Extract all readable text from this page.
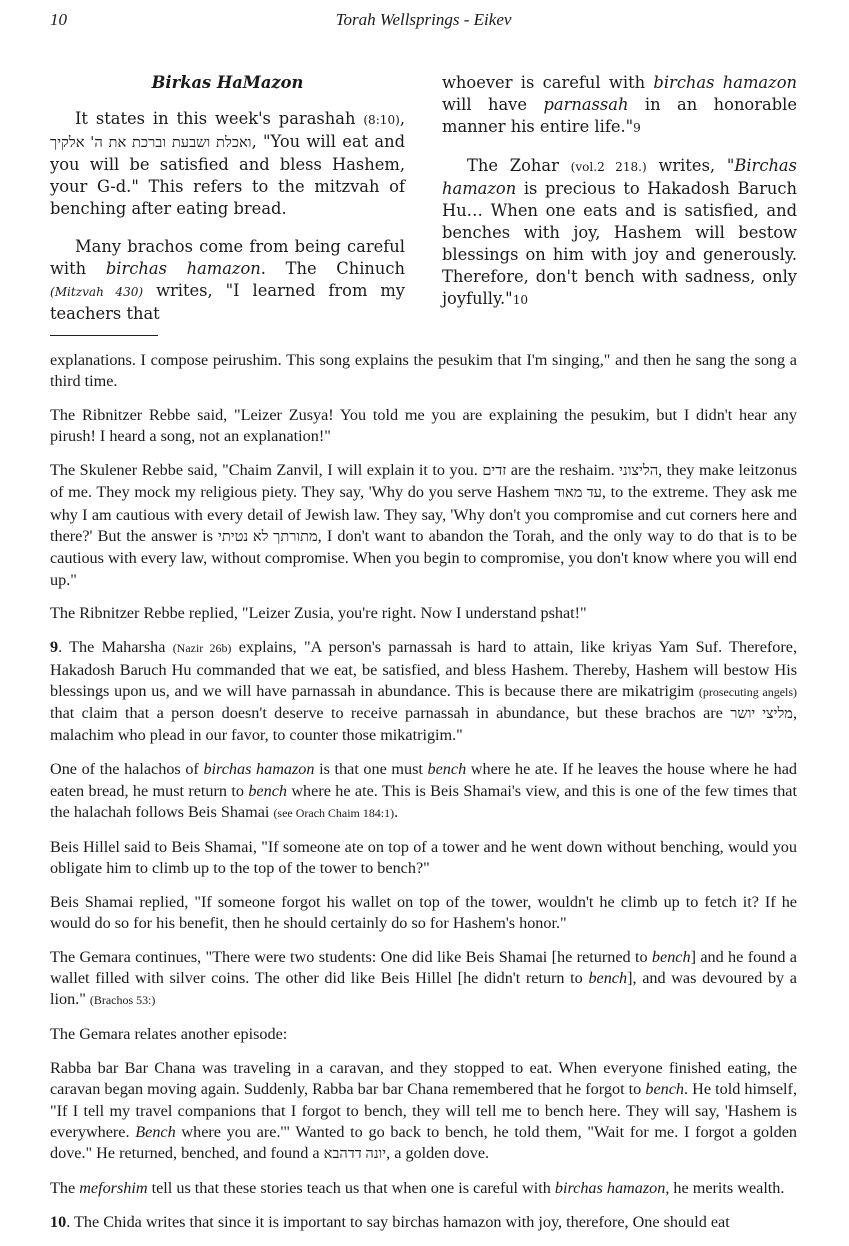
10	Torah Wellsprings - Eikev
Birkas HaMazon

It states in this week's parashah (8:10), ואכלת ושבעת וברכת את ה' אלקיך, "You will eat and you will be satisfied and bless Hashem, your G-d." This refers to the mitzvah of benching after eating bread.

Many brachos come from being careful with birchas hamazon. The Chinuch (Mitzvah 430) writes, "I learned from my teachers that

whoever is careful with birchas hamazon will have parnassah in an honorable manner his entire life."9

The Zohar (vol.2 218.) writes, "Birchas hamazon is precious to Hakadosh Baruch Hu… When one eats and is satisfied, and benches with joy, Hashem will bestow blessings on him with joy and generously. Therefore, don't bench with sadness, only joyfully."10

explanations. I compose peirushim. This song explains the pesukim that I'm singing," and then he sang the song a third time.

The Ribnitzer Rebbe said, "Leizer Zusya! You told me you are explaining the pesukim, but I didn't hear any pirush! I heard a song, not an explanation!"

The Skulener Rebbe said, "Chaim Zanvil, I will explain it to you. זדים are the reshaim. הליצוני, they make leitzonus of me. They mock my religious piety. They say, 'Why do you serve Hashem עד מאוד, to the extreme. They ask me why I am cautious with every detail of Jewish law. They say, 'Why don't you compromise and cut corners here and there?' But the answer is מתורתך לא נטיתי, I don't want to abandon the Torah, and the only way to do that is to be cautious with every law, without compromise. When you begin to compromise, you don't know where you will end up."

The Ribnitzer Rebbe replied, "Leizer Zusia, you're right. Now I understand pshat!"

9. The Maharsha (Nazir 26b) explains, "A person's parnassah is hard to attain, like kriyas Yam Suf. Therefore, Hakadosh Baruch Hu commanded that we eat, be satisfied, and bless Hashem. Thereby, Hashem will bestow His blessings upon us, and we will have parnassah in abundance. This is because there are mikatrigim (prosecuting angels) that claim that a person doesn't deserve to receive parnassah in abundance, but these brachos are מליצי יושר, malachim who plead in our favor, to counter those mikatrigim."

One of the halachos of birchas hamazon is that one must bench where he ate. If he leaves the house where he had eaten bread, he must return to bench where he ate. This is Beis Shamai's view, and this is one of the few times that the halachah follows Beis Shamai (see Orach Chaim 184:1).

Beis Hillel said to Beis Shamai, "If someone ate on top of a tower and he went down without benching, would you obligate him to climb up to the top of the tower to bench?"

Beis Shamai replied, "If someone forgot his wallet on top of the tower, wouldn't he climb up to fetch it? If he would do so for his benefit, then he should certainly do so for Hashem's honor."

The Gemara continues, "There were two students: One did like Beis Shamai [he returned to bench] and he found a wallet filled with silver coins. The other did like Beis Hillel [he didn't return to bench], and was devoured by a lion." (Brachos 53:)

The Gemara relates another episode:

Rabba bar Bar Chana was traveling in a caravan, and they stopped to eat. When everyone finished eating, the caravan began moving again. Suddenly, Rabba bar bar Chana remembered that he forgot to bench. He told himself, "If I tell my travel companions that I forgot to bench, they will tell me to bench here. They will say, 'Hashem is everywhere. Bench where you are.'" Wanted to go back to bench, he told them, "Wait for me. I forgot a golden dove." He returned, benched, and found a יונה דדהבא, a golden dove.

The meforshim tell us that these stories teach us that when one is careful with birchas hamazon, he merits wealth.

10. The Chida writes that since it is important to say birchas hamazon with joy, therefore, One should eat
